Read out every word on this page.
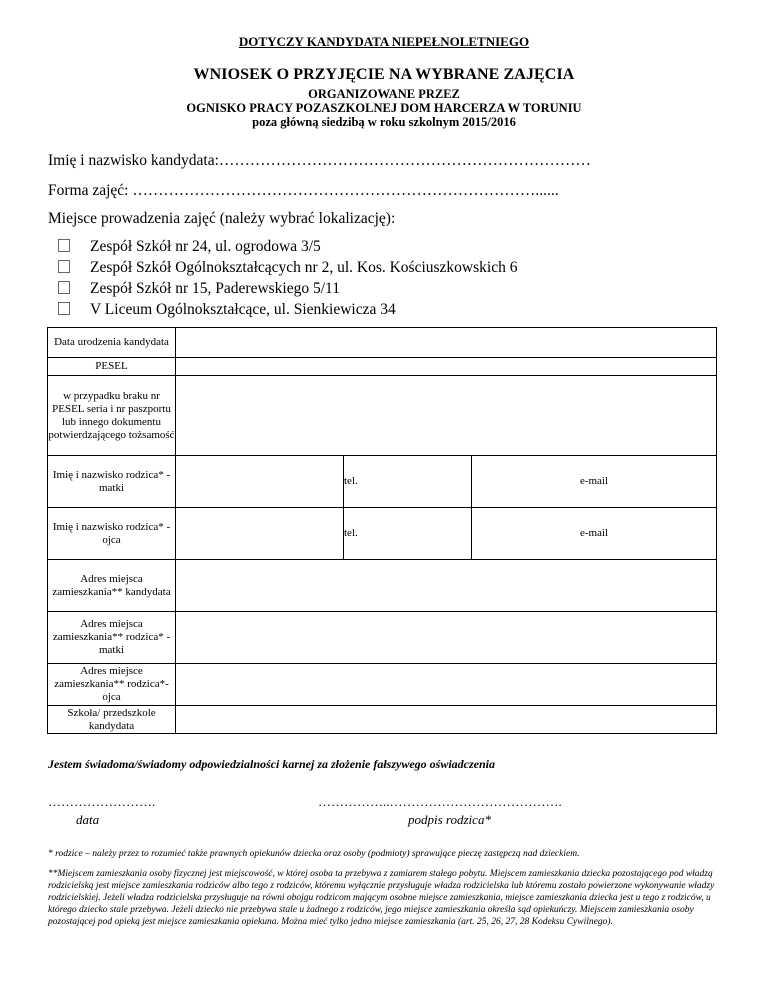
DOTYCZY KANDYDATA NIEPEŁNOLETNIEGO
WNIOSEK O PRZYJĘCIE NA WYBRANE ZAJĘCIA
ORGANIZOWANE PRZEZ
OGNISKO PRACY POZASZKOLNEJ DOM HARCERZA W TORUNIU
poza główną siedzibą w roku szkolnym 2015/2016
Imię i nazwisko kandydata:………………………………………………………………
Forma zajęć: ……………………………………………………………………......
Miejsce prowadzenia zajęć (należy wybrać lokalizację):
Zespół Szkół nr 24, ul. ogrodowa 3/5
Zespół Szkół Ogólnokształcących nr 2, ul. Kos. Kościuszkowskich 6
Zespół Szkół nr 15, Paderewskiego 5/11
V Liceum Ogólnokształcące, ul. Sienkiewicza 34
Data urodzenia kandydata			
PESEL			
w przypadku braku nr PESEL seria i nr paszportu lub innego dokumentu potwierdzającego tożsamość			
Imię i nazwisko rodzica* - matki		tel.	e-mail
Imię i nazwisko rodzica* - ojca		tel.	e-mail
Adres miejsca zamieszkania** kandydata			
Adres miejsca zamieszkania** rodzica* - matki			
Adres miejsce zamieszkania** rodzica*- ojca			
Szkoła/ przedszkole kandydata			
Jestem świadoma/świadomy odpowiedzialności karnej za złożenie fałszywego oświadczenia
…………………….	……………..………………………………….
data	podpis rodzica*
* rodzice – należy przez to rozumieć także prawnych opiekunów dziecka oraz osoby (podmioty) sprawujące pieczę zastępczą nad dzieckiem.
**Miejscem zamieszkania osoby fizycznej jest miejscowość, w której osoba ta przebywa z zamiarem stałego pobytu. Miejscem zamieszkania dziecka pozostającego pod władzą rodzicielską jest miejsce zamieszkania rodziców albo tego z rodziców, któremu wyłącznie przysługuje władza rodzicielska lub któremu zostało powierzone wykonywanie władzy rodzicielskiej. Jeżeli władza rodzicielska przysługuje na równi obojgu rodzicom mającym osobne miejsce zamieszkania, miejsce zamieszkania dziecka jest u tego z rodziców, u którego dziecko stale przebywa. Jeżeli dziecko nie przebywa stale u żadnego z rodziców, jego miejsce zamieszkania określa sąd opiekuńczy. Miejscem zamieszkania osoby pozostającej pod opieką jest miejsce zamieszkania opiekuna. Można mieć tylko jedno miejsce zamieszkania (art. 25, 26, 27, 28 Kodeksu Cywilnego).
